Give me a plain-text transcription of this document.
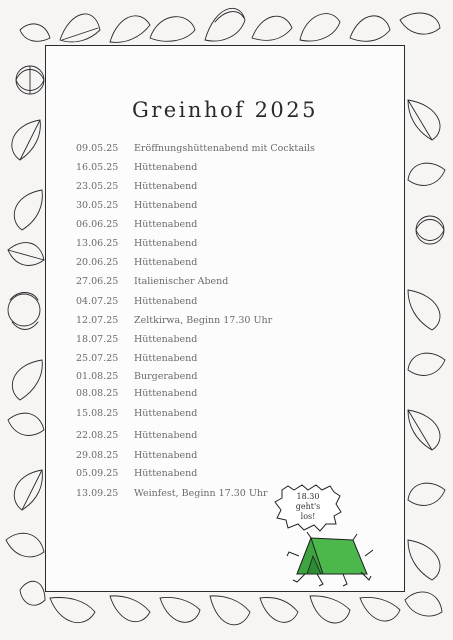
Greinhof 2025
09.05.25 Eröffnungshüttenabend mit Cocktails
16.05.25 Hüttenabend
23.05.25 Hüttenabend
30.05.25 Hüttenabend
06.06.25 Hüttenabend
13.06.25 Hüttenabend
20.06.25 Hüttenabend
27.06.25 Italienischer Abend
04.07.25 Hüttenabend
12.07.25 Zeltkirwa, Beginn 17.30 Uhr
18.07.25 Hüttenabend
25.07.25 Hüttenabend
01.08.25 Burgerabend
08.08.25 Hüttenabend
15.08.25 Hüttenabend
22.08.25 Hüttenabend
29.08.25 Hüttenabend
05.09.25 Hüttenabend
13.09.25 Weinfest, Beginn 17.30 Uhr	18.30
geht's
los!
